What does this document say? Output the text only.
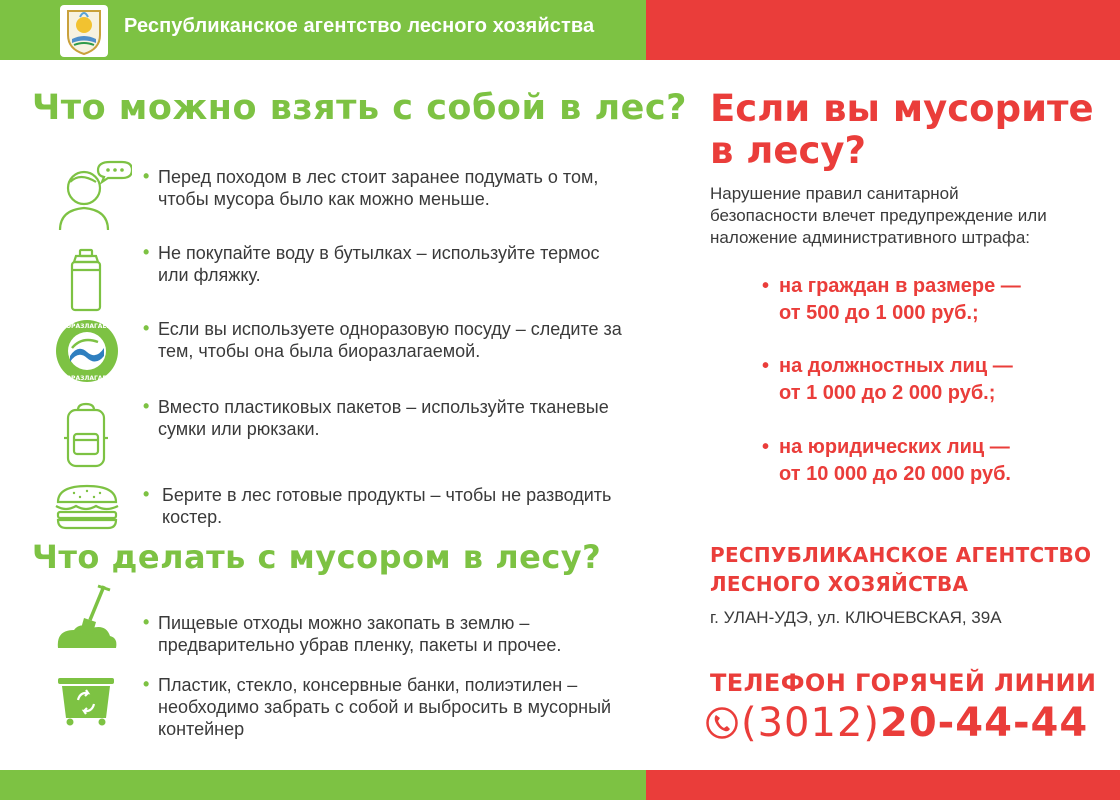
Республиканское агентство лесного хозяйства
Что можно взять с собой в лес?
• Перед походом в лес стоит заранее подумать о том, чтобы мусора было как можно меньше.
• Не покупайте воду в бутылках – используйте термос или фляжку.
БИОРАЗЛАГАЕМО
БИОРАЗЛАГАЕМО
• Если вы используете одноразовую посуду – следите за тем, чтобы она была биоразлагаемой.
• Вместо пластиковых пакетов – используйте тканевые сумки или рюкзаки.
• Берите в лес готовые продукты – чтобы не разводить костер.
Что делать с мусором в лесу?
• Пищевые отходы можно закопать в землю – предварительно убрав пленку, пакеты и прочее.
• Пластик, стекло, консервные банки, полиэтилен – необходимо забрать с собой и выбросить в мусорный контейнер
Если вы мусорите в лесу?
Нарушение правил санитарной безопасности влечет предупреждение или наложение административного штрафа:
• на граждан в размере —
от 500 до 1 000 руб.;
• на должностных лиц —
от 1 000 до 2 000 руб.;
• на юридических лиц —
от 10 000 до 20 000 руб.
РЕСПУБЛИКАНСКОЕ АГЕНТСТВО
ЛЕСНОГО ХОЗЯЙСТВА
г. УЛАН-УДЭ, ул. КЛЮЧЕВСКАЯ, 39А
ТЕЛЕФОН ГОРЯЧЕЙ ЛИНИИ
(3012)20-44-44
